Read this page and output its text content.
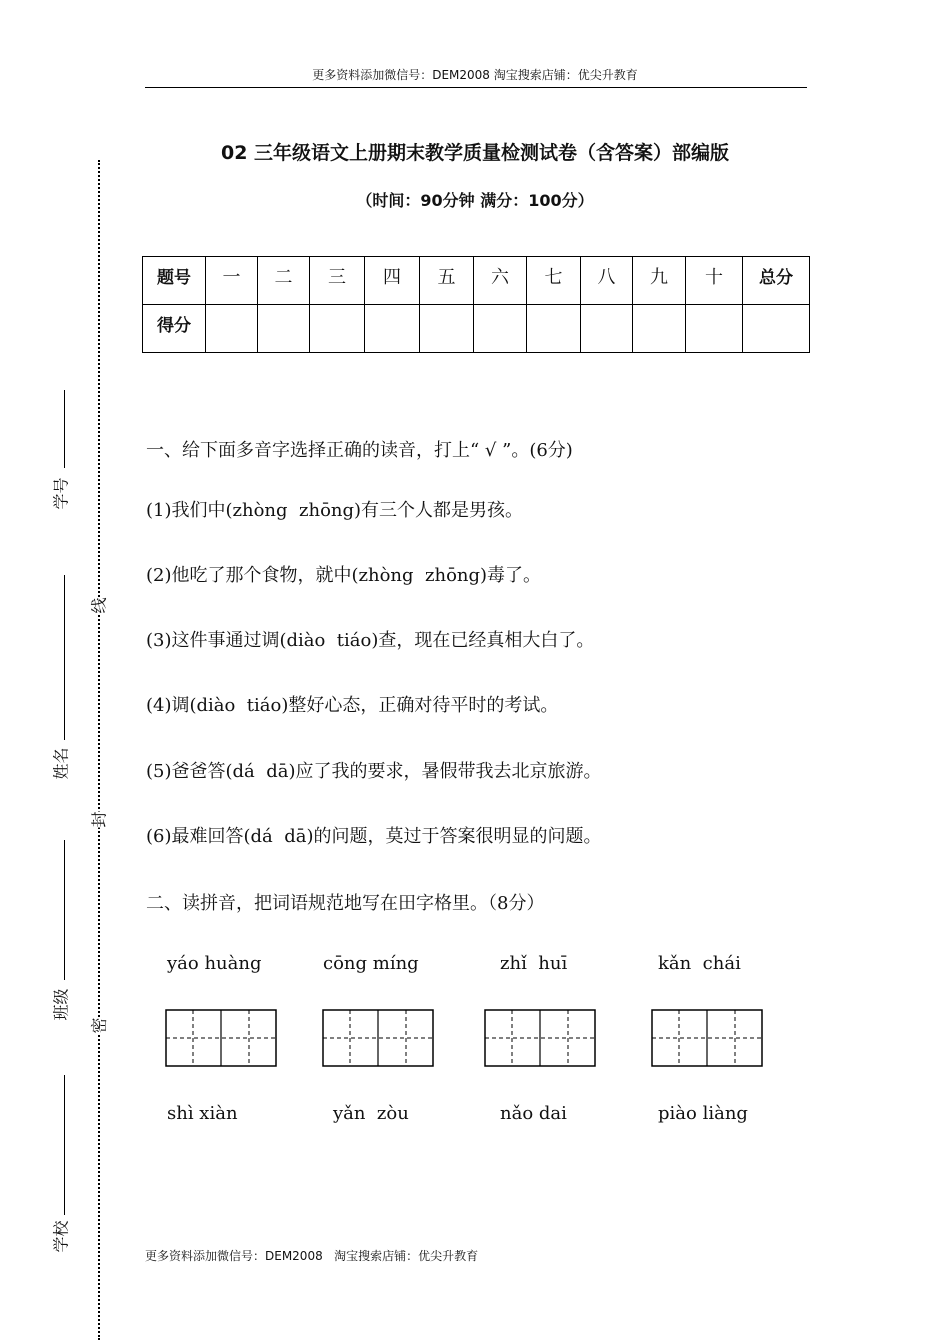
更多资料添加微信号：DEM2008 淘宝搜索店铺：优尖升教育
02 三年级语文上册期末教学质量检测试卷（含答案）部编版
（时间：90分钟 满分：100分）
题号	一	二	三	四	五	六	七	八	九	十	总分
得分											
一、给下面多音字选择正确的读音，打上“ √ ”。(6分)
(1)我们中(zhòng  zhōng)有三个人都是男孩。
(2)他吃了那个食物，就中(zhòng  zhōng)毒了。
(3)这件事通过调(diào  tiáo)查，现在已经真相大白了。
(4)调(diào  tiáo)整好心态，正确对待平时的考试。
(5)爸爸答(dá  dā)应了我的要求，暑假带我去北京旅游。
(6)最难回答(dá  dā)的问题，莫过于答案很明显的问题。
二、读拼音，把词语规范地写在田字格里。（8分）
yáo huàng	cōng míng	zhǐ  huī	kǎn  chái
shì xiàn	yǎn  zòu	nǎo dai	piào liàng
更多资料添加微信号：DEM2008   淘宝搜索店铺：优尖升教育
线
封
密
学号
姓名
班级
学校
